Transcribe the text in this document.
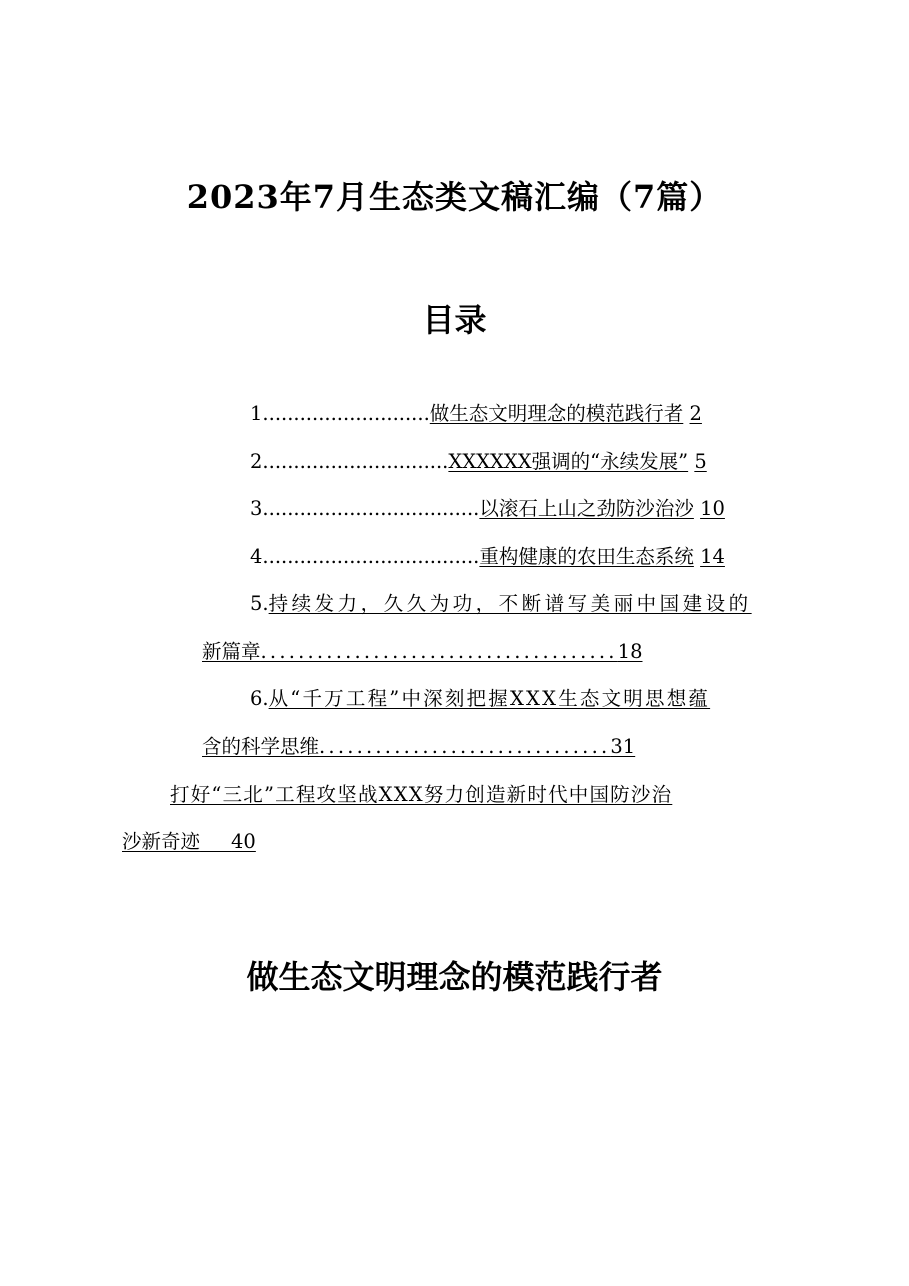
2023年7月生态类文稿汇编（7篇）
目录
1...........................做生态文明理念的模范践行者 2
2..............................XXXXXX强调的“永续发展” 5
3...................................以滚石上山之劲防沙治沙 10
4...................................重构健康的农田生态系统 14
5.持续发力，久久为功，不断谱写美丽中国建设的
新篇章......................................18
6.从“千万工程”中深刻把握XXX生态文明思想蕴
含的科学思维...............................31
打好“三北”工程攻坚战XXX努力创造新时代中国防沙治
沙新奇迹 40
做生态文明理念的模范践行者
